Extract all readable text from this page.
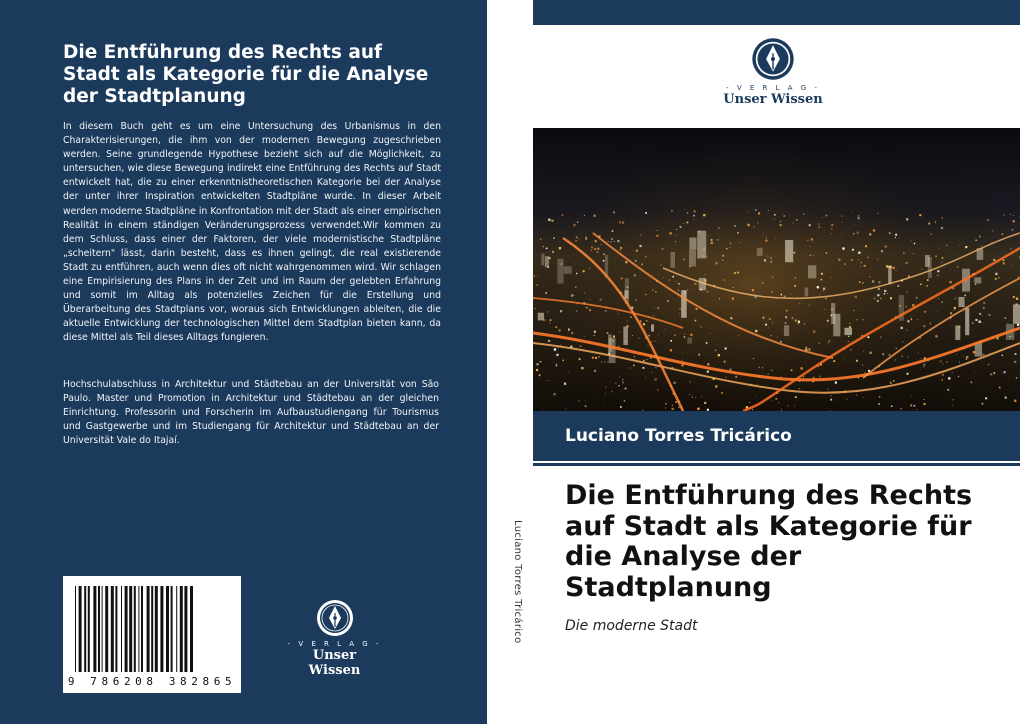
Die Entführung des Rechts auf Stadt als Kategorie für die Analyse der Stadtplanung
In diesem Buch geht es um eine Untersuchung des Urbanismus in den Charakterisierungen, die ihm von der modernen Bewegung zugeschrieben werden. Seine grundlegende Hypothese bezieht sich auf die Möglichkeit, zu untersuchen, wie diese Bewegung indirekt eine Entführung des Rechts auf Stadt entwickelt hat, die zu einer erkenntnistheoretischen Kategorie bei der Analyse der unter ihrer Inspiration entwickelten Stadtpläne wurde. In dieser Arbeit werden moderne Stadtpläne in Konfrontation mit der Stadt als einer empirischen Realität in einem ständigen Veränderungsprozess verwendet.Wir kommen zu dem Schluss, dass einer der Faktoren, der viele modernistische Stadtpläne „scheitern" lässt, darin besteht, dass es ihnen gelingt, die real existierende Stadt zu entführen, auch wenn dies oft nicht wahrgenommen wird. Wir schlagen eine Empirisierung des Plans in der Zeit und im Raum der gelebten Erfahrung und somit im Alltag als potenzielles Zeichen für die Erstellung und Überarbeitung des Stadtplans vor, woraus sich Entwicklungen ableiten, die die aktuelle Entwicklung der technologischen Mittel dem Stadtplan bieten kann, da diese Mittel als Teil dieses Alltags fungieren.
Hochschulabschluss in Architektur und Städtebau an der Universität von São Paulo. Master und Promotion in Architektur und Städtebau an der gleichen Einrichtung. Professorin und Forscherin im Aufbaustudiengang für Tourismus und Gastgewerbe und im Studiengang für Architektur und Städtebau an der Universität Vale do Itajaí.
9 786208 382865
- V E R L A G -
Unser Wissen
Luciano Torres Tricárico
- V E R L A G -
Unser Wissen
Luciano Torres Tricárico
Die Entführung des Rechts auf Stadt als Kategorie für die Analyse der Stadtplanung
Die moderne Stadt
